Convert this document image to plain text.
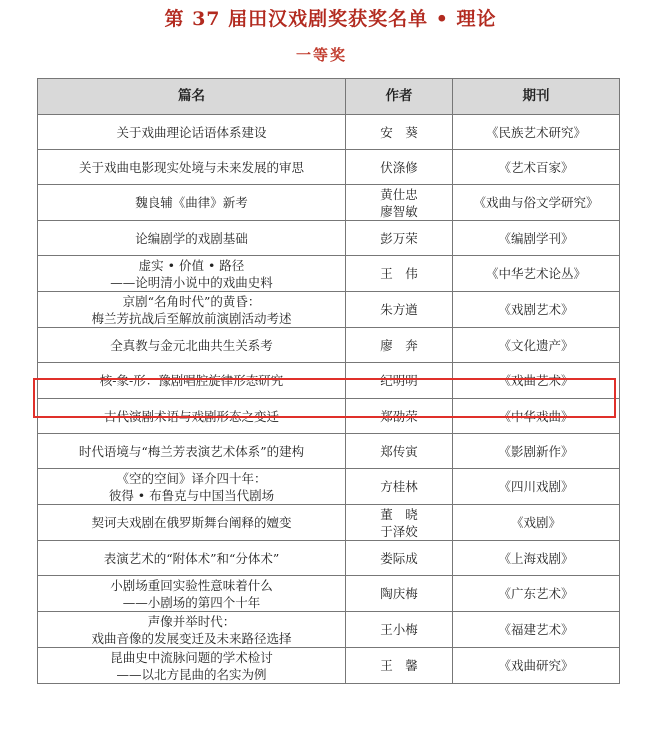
第 37 届田汉戏剧奖获奖名单 • 理论
一等奖
篇名	作者	期刊

关于戏曲理论话语体系建设	安　葵	《民族艺术研究》

关于戏曲电影现实处境与未来发展的审思	伏涤修	《艺术百家》

魏良辅《曲律》新考	黄仕忠
廖智敏	《戏曲与俗文学研究》

论编剧学的戏剧基础	彭万荣	《编剧学刊》

虚实 • 价值 • 路径
——论明清小说中的戏曲史料	王　伟	《中华艺术论丛》

京剧“名角时代”的黄昏：
梅兰芳抗战后至解放前演剧活动考述	朱方遒	《戏剧艺术》

全真教与金元北曲共生关系考	廖　奔	《文化遗产》

核-象-形：豫剧唱腔旋律形态研究	纪明明	《戏曲艺术》

古代演剧术语与戏剧形态之变迁	郑劭荣	《中华戏曲》

时代语境与“梅兰芳表演艺术体系”的建构	郑传寅	《影剧新作》

《空的空间》译介四十年：
彼得 • 布鲁克与中国当代剧场	方桂林	《四川戏剧》

契诃夫戏剧在俄罗斯舞台阐释的嬗变	董　晓
于泽姣	《戏剧》

表演艺术的“附体术”和“分体术”	娄际成	《上海戏剧》

小剧场重回实验性意味着什么
——小剧场的第四个十年	陶庆梅	《广东艺术》

声像并举时代：
戏曲音像的发展变迁及未来路径选择	王小梅	《福建艺术》

昆曲史中流脉问题的学术检讨
——以北方昆曲的名实为例	王　馨	《戏曲研究》
